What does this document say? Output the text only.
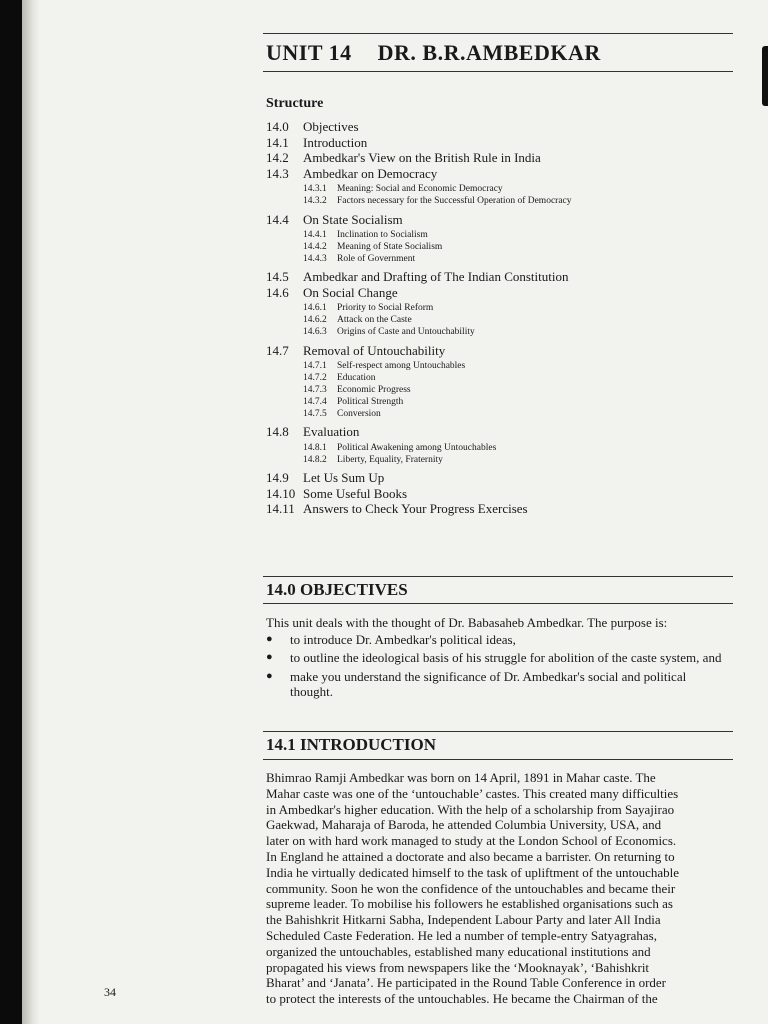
UNIT 14 DR. B.R.AMBEDKAR
Structure
14.0	Objectives
14.1	Introduction
14.2	Ambedkar's View on the British Rule in India
14.3	Ambedkar on Democracy
14.3.1	Meaning: Social and Economic Democracy
14.3.2	Factors necessary for the Successful Operation of Democracy
14.4	On State Socialism
14.4.1	Inclination to Socialism
14.4.2	Meaning of State Socialism
14.4.3	Role of Government
14.5	Ambedkar and Drafting of The Indian Constitution
14.6	On Social Change
14.6.1	Priority to Social Reform
14.6.2	Attack on the Caste
14.6.3	Origins of Caste and Untouchability
14.7	Removal of Untouchability
14.7.1	Self-respect among Untouchables
14.7.2	Education
14.7.3	Economic Progress
14.7.4	Political Strength
14.7.5	Conversion
14.8	Evaluation
14.8.1	Political Awakening among Untouchables
14.8.2	Liberty, Equality, Fraternity
14.9	Let Us Sum Up
14.10 Some Useful Books
14.11 Answers to Check Your Progress Exercises
14.0 OBJECTIVES

This unit deals with the thought of Dr. Babasaheb Ambedkar. The purpose is:

●	to introduce Dr. Ambedkar's political ideas,
●	to outline the ideological basis of his struggle for abolition of the caste system, and
●	make you understand the significance of Dr. Ambedkar's social and political thought.
14.1 INTRODUCTION

Bhimrao Ramji Ambedkar was born on 14 April, 1891 in Mahar caste. The
Mahar caste was one of the ‘untouchable’ castes. This created many difficulties
in Ambedkar's higher education. With the help of a scholarship from Sayajirao
Gaekwad, Maharaja of Baroda, he attended Columbia University, USA, and
later on with hard work managed to study at the London School of Economics.
In England he attained a doctorate and also became a barrister. On returning to
India he virtually dedicated himself to the task of upliftment of the untouchable
community. Soon he won the confidence of the untouchables and became their
supreme leader. To mobilise his followers he established organisations such as
the Bahishkrit Hitkarni Sabha, Independent Labour Party and later All India
Scheduled Caste Federation. He led a number of temple-entry Satyagrahas,
organized the untouchables, established many educational institutions and
propagated his views from newspapers like the ‘Mooknayak’, ‘Bahishkrit
Bharat’ and ‘Janata’. He participated in the Round Table Conference in order
to protect the interests of the untouchables. He became the Chairman of the

34
